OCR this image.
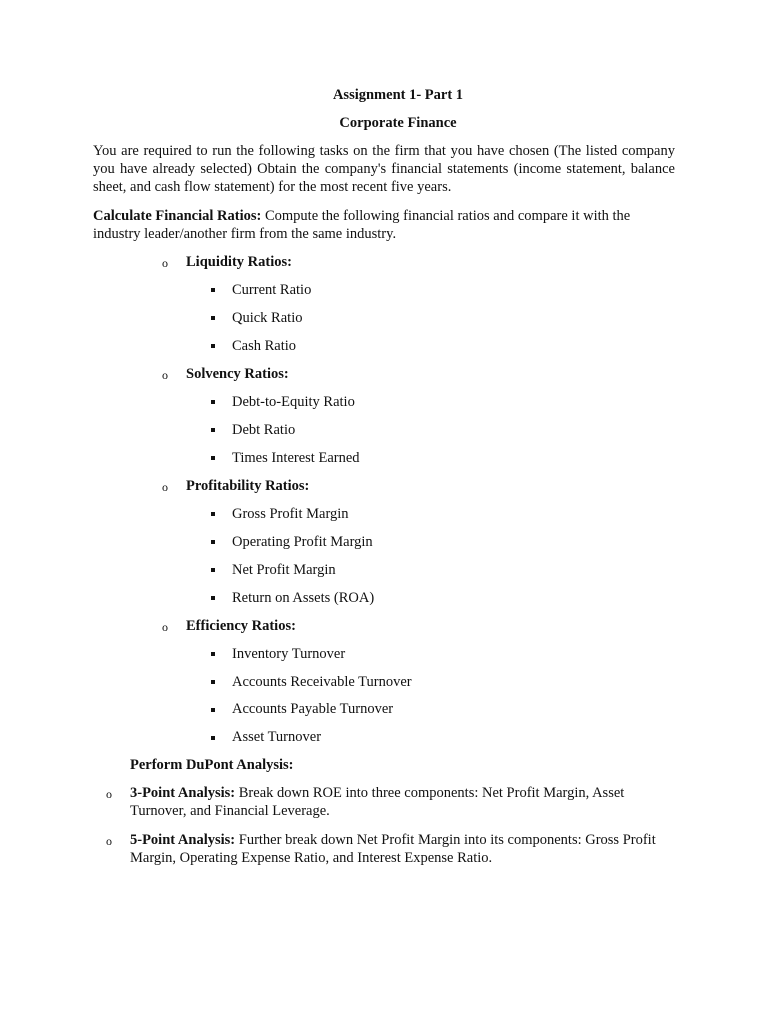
Assignment 1- Part 1
Corporate Finance
You are required to run the following tasks on the firm that you have chosen (The listed company you have already selected) Obtain the company's financial statements (income statement, balance sheet, and cash flow statement) for the most recent five years.
Calculate Financial Ratios: Compute the following financial ratios and compare it with the industry leader/another firm from the same industry.
o Liquidity Ratios:
Current Ratio
Quick Ratio
Cash Ratio
o Solvency Ratios:
Debt-to-Equity Ratio
Debt Ratio
Times Interest Earned
o Profitability Ratios:
Gross Profit Margin
Operating Profit Margin
Net Profit Margin
Return on Assets (ROA)
o Efficiency Ratios:
Inventory Turnover
Accounts Receivable Turnover
Accounts Payable Turnover
Asset Turnover
Perform DuPont Analysis:
o 3-Point Analysis: Break down ROE into three components: Net Profit Margin, Asset Turnover, and Financial Leverage.
o 5-Point Analysis: Further break down Net Profit Margin into its components: Gross Profit Margin, Operating Expense Ratio, and Interest Expense Ratio.
